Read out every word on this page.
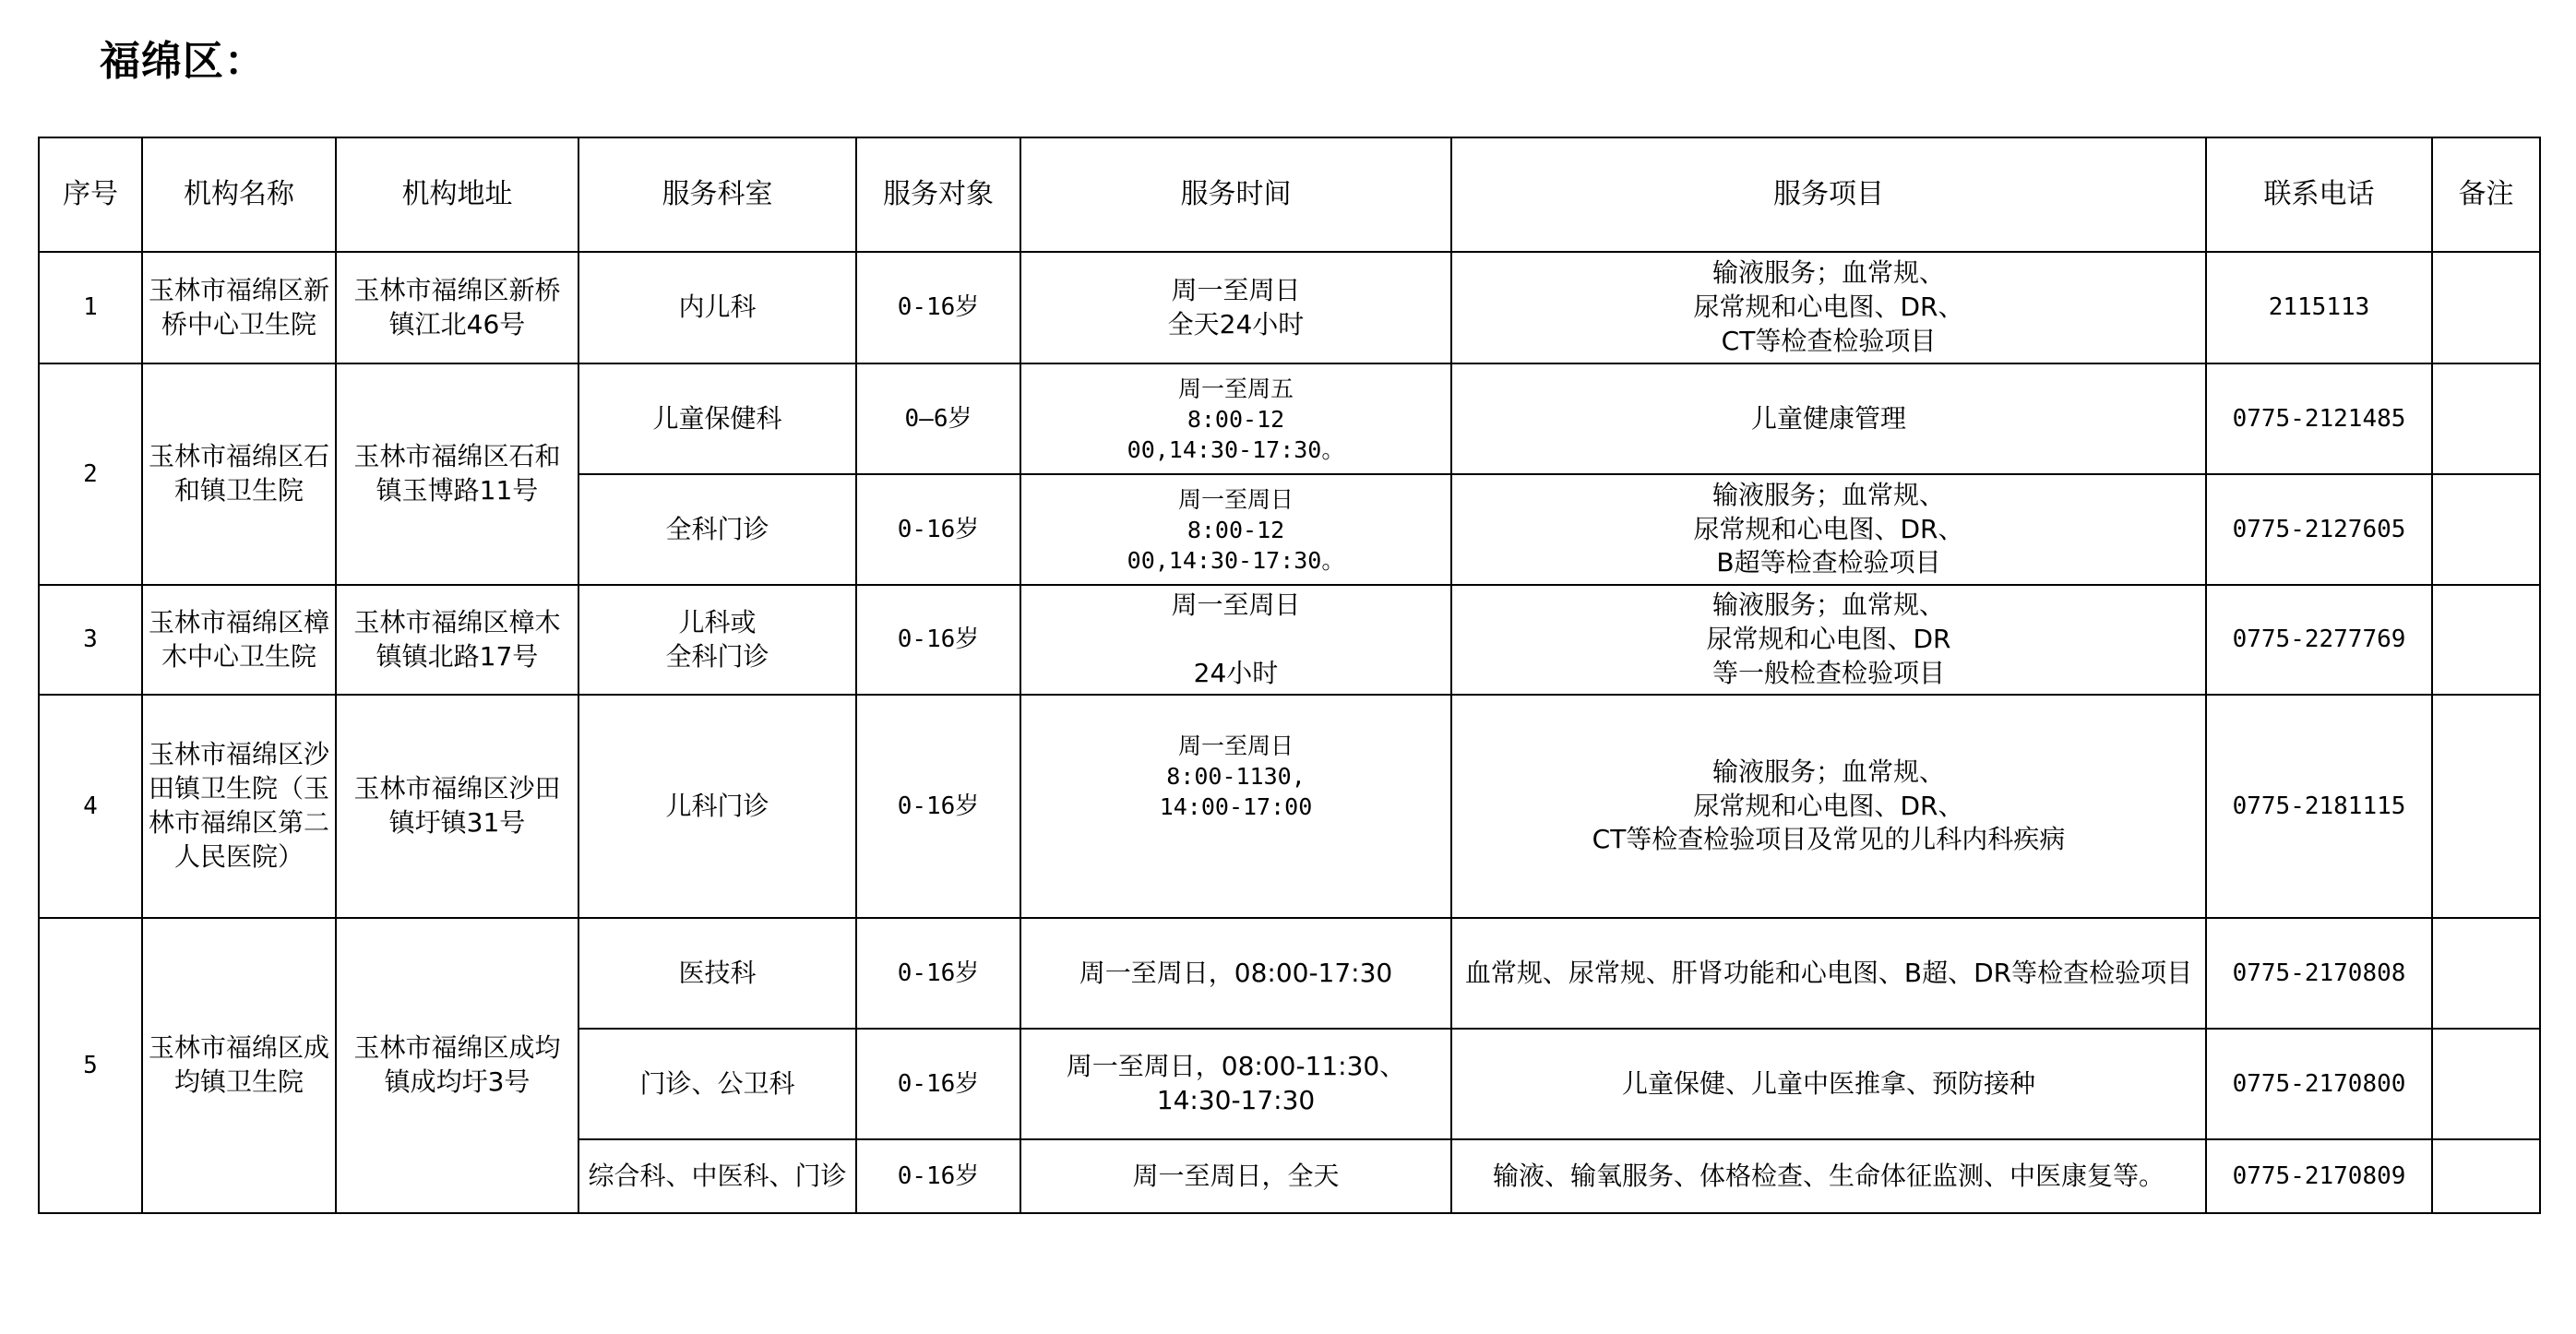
福绵区：
序号	机构名称	机构地址	服务科室	服务对象	服务时间	服务项目	联系电话	备注
1	玉林市福绵区新桥中心卫生院	玉林市福绵区新桥镇江北46号	内儿科	0-16岁	周一至周日
全天24小时	输液服务；血常规、
尿常规和心电图、DR、
CT等检查检验项目	2115113	
2	玉林市福绵区石和镇卫生院	玉林市福绵区石和镇玉博路11号	儿童保健科	0—6岁	周一至周五
8:00-12
00,14:30-17:30。	儿童健康管理	0775-2121485	
			全科门诊	0-16岁	周一至周日
8:00-12
00,14:30-17:30。	输液服务；血常规、
尿常规和心电图、DR、
B超等检查检验项目	0775-2127605	
3	玉林市福绵区樟木中心卫生院	玉林市福绵区樟木镇镇北路17号	儿科或
全科门诊	0-16岁	周一至周日

24小时	输液服务；血常规、
尿常规和心电图、DR
等一般检查检验项目	0775-2277769	
4	玉林市福绵区沙田镇卫生院（玉林市福绵区第二人民医院）	玉林市福绵区沙田镇圩镇31号	儿科门诊	0-16岁	周一至周日
8:00-1130,
14:00-17:00	输液服务；血常规、
尿常规和心电图、DR、
CT等检查检验项目及常见的儿科内科疾病	0775-2181115	
5	玉林市福绵区成均镇卫生院	玉林市福绵区成均镇成均圩3号	医技科	0-16岁	周一至周日，08:00-17:30	血常规、尿常规、肝肾功能和心电图、B超、DR等检查检验项目	0775-2170808	
			门诊、公卫科	0-16岁	周一至周日，08:00-11:30、
14:30-17:30	儿童保健、儿童中医推拿、预防接种	0775-2170800	
			综合科、中医科、门诊	0-16岁	周一至周日，全天	输液、输氧服务、体格检查、生命体征监测、中医康复等。	0775-2170809	
